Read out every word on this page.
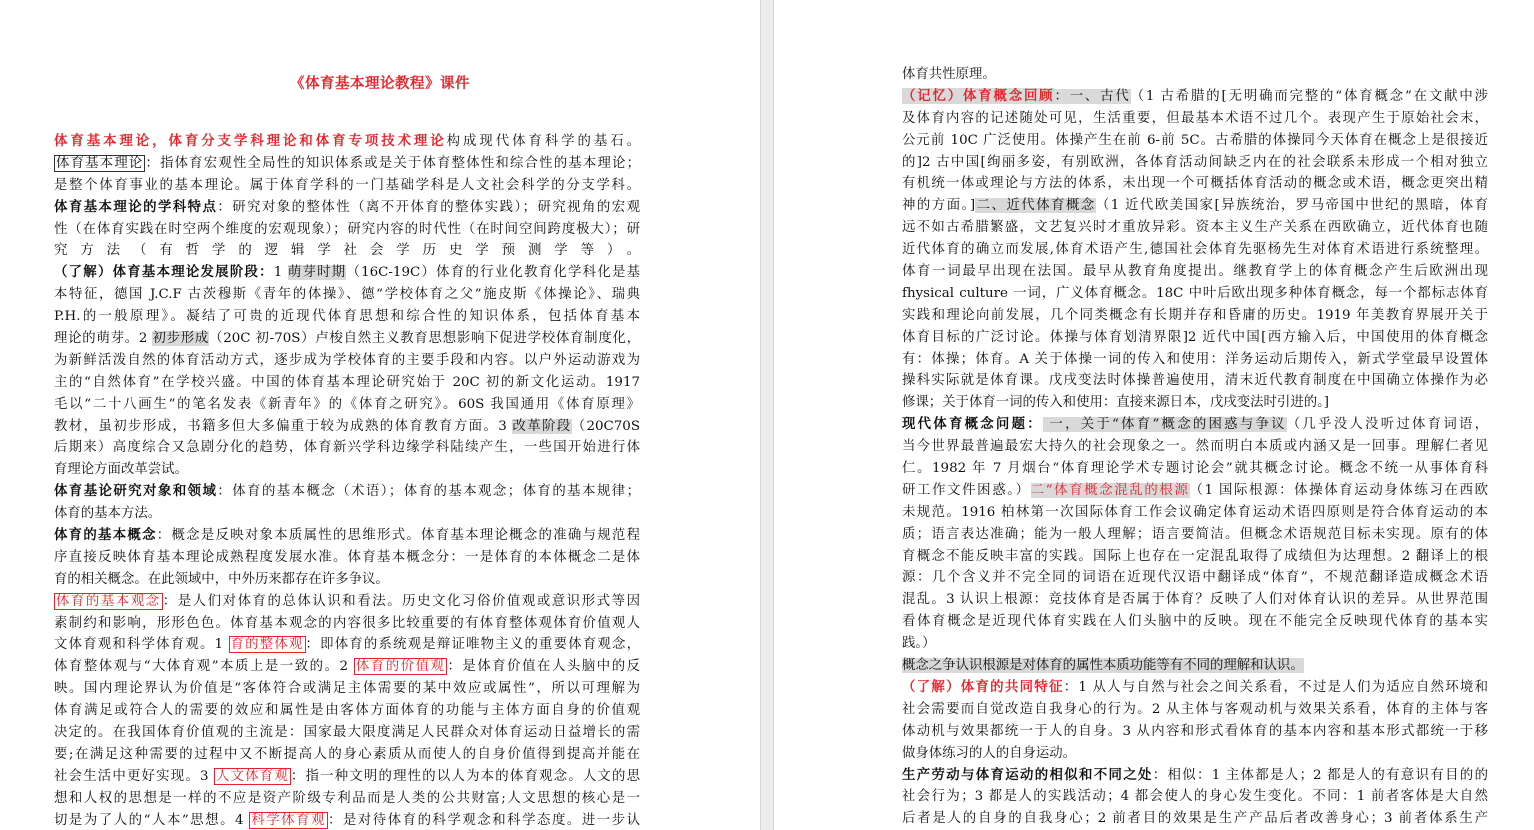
《体育基本理论教程》课件
体育基本理论，体育分支学科理论和体育专项技术理论构成现代体育科学的基石。
体育基本理论 ：指体育宏观性全局性的知识体系或是关于体育整体性和综合性的基本理论；
是整个体育事业的基本理论。属于体育学科的一门基础学科是人文社会科学的分支学科。
体育基本理论的学科特点：研究对象的整体性（离不开体育的整体实践）；研究视角的宏观
性（在体育实践在时空两个维度的宏观现象）；研究内容的时代性（在时间空间跨度极大）；研
究方法（有哲学的逻辑学社会学历史学预测学等）。
（了解）体育基本理论发展阶段：1 萌芽时期（16C-19C）体育的行业化教育化学科化是基
本特征，德国 J.C.F 古茨穆斯《青年的体操》、德“学校体育之父”施皮斯《体操论》、瑞典
P.H.的一般原理》。凝结了可贵的近现代体育思想和综合性的知识体系，包括体育基本
理论的萌芽。2 初步形成（20C 初-70S）卢梭自然主义教育思想影响下促进学校体育制度化，
为新鲜活泼自然的体育活动方式，逐步成为学校体育的主要手段和内容。以户外运动游戏为
主的“自然体育”在学校兴盛。中国的体育基本理论研究始于 20C 初的新文化运动。1917
毛以“二十八画生”的笔名发表《新青年》的《体育之研究》。60S 我国通用《体育原理》
教材，虽初步形成，书籍多但大多偏重于较为成熟的体育教育方面。3 改革阶段（20C70S
后期来）高度综合又急剧分化的趋势，体育新兴学科边缘学科陆续产生，一些国开始进行体
育理论方面改革尝试。
体育基论研究对象和领域：体育的基本概念（术语）；体育的基本观念；体育的基本规律；
体育的基本方法。
体育的基本概念：概念是反映对象本质属性的思维形式。体育基本理论概念的准确与规范程
序直接反映体育基本理论成熟程度发展水准。体育基本概念分：一是体育的本体概念二是体
育的相关概念。在此领域中，中外历来都存在许多争议。
体育的基本观念 ：是人们对体育的总体认识和看法。历史文化习俗价值观或意识形式等因
素制约和影响，形形色色。体育基本观念的内容很多比较重要的有体育整体观体育价值观人
文体育观和科学体育观。1 育的整体观 ：即体育的系统观是辩证唯物主义的重要体育观念，
体育整体观与“大体育观”本质上是一致的。2 体育的价值观 ：是体育价值在人头脑中的反
映。国内理论界认为价值是“客体符合或满足主体需要的某中效应或属性”，所以可理解为
体育满足或符合人的需要的效应和属性是由客体方面体育的功能与主体方面自身的价值观
决定的。在我国体育价值观的主流是：国家最大限度满足人民群众对体育运动日益增长的需
要;在满足这种需要的过程中又不断提高人的身心素质从而使人的自身价值得到提高并能在
社会生活中更好实现。3 人文体育观 ：指一种文明的理性的以人为本的体育观念。人文的思
想和人权的思想是一样的不应是资产阶级专利品而是人类的公共财富;人文思想的核心是一
切是为了人的“人本”思想。4 科学体育观 ：是对待体育的科学观念和科学态度。进一步认
体育共性原理。
（记忆）体育概念回顾：一、古代（1 古希腊的[无明确而完整的“体育概念”在文献中涉
及体育内容的记述随处可见，生活重要，但最基本术语不过几个。表现产生于原始社会末，
公元前 10C 广泛使用。体操产生在前 6-前 5C。古希腊的体操同今天体育在概念上是很接近
的]2 古中国[绚丽多姿，有别欧洲，各体育活动间缺乏内在的社会联系未形成一个相对独立
有机统一体或理论与方法的体系，未出现一个可概括体育活动的概念或术语，概念更突出精
神的方面。]二、近代体育概念（1 近代欧美国家[异族统治，罗马帝国中世纪的黑暗，体育
远不如古希腊繁盛，文艺复兴时才重放异彩。资本主义生产关系在西欧确立，近代体育也随
近代体育的确立而发展,体育术语产生,德国社会体育先驱杨先生对体育术语进行系统整理。
体育一词最早出现在法国。最早从教育角度提出。继教育学上的体育概念产生后欧洲出现
fhysical culture 一词，广义体育概念。18C 中叶后欧出现多种体育概念，每一个都标志体育
实践和理论向前发展，几个同类概念有长期并存和昏庸的历史。1919 年美教育界展开关于
体育目标的广泛讨论。体操与体育划清界限]2 近代中国[西方输入后，中国使用的体育概念
有：体操；体育。A 关于体操一词的传入和使用：洋务运动后期传入，新式学堂最早设置体
操科实际就是体育课。戊戌变法时体操普遍使用，清末近代教育制度在中国确立体操作为必
修课；关于体育一词的传入和使用：直接来源日本，戊戌变法时引进的。]
现代体育概念问题： 一，关于“体育”概念的困惑与争议（几乎没人没听过体育词语，
当今世界最普遍最宏大持久的社会现象之一。然而明白本质或内涵又是一回事。理解仁者见
仁。1982 年 7 月烟台“体育理论学术专题讨论会”就其概念讨论。概念不统一从事体育科
研工作文件困惑。）二“体育概念混乱的根源（1 国际根源：体操体育运动身体练习在西欧
未规范。1916 柏林第一次国际体育工作会议确定体育运动术语四原则是符合体育运动的本
质；语言表达准确；能为一般人理解；语言要简洁。但概念术语规范目标未实现。原有的体
育概念不能反映丰富的实践。国际上也存在一定混乱取得了成绩但为达理想。2 翻译上的根
源：几个含义并不完全同的词语在近现代汉语中翻译成“体育”，不规范翻译造成概念术语
混乱。3 认识上根源：竞技体育是否属于体育？反映了人们对体育认识的差异。从世界范围
看体育概念是近现代体育实践在人们头脑中的反映。现在不能完全反映现代体育的基本实
践。）
概念之争认识根源是对体育的属性本质功能等有不同的理解和认识。
（了解）体育的共同特征：1 从人与自然与社会之间关系看，不过是人们为适应自然环境和
社会需要而自觉改造自我身心的行为。2 从主体与客观动机与效果关系看，体育的主体与客
体动机与效果都统一于人的自身。3 从内容和形式看体育的基本内容和基本形式都统一于移
做身体练习的人的自身运动。
生产劳动与体育运动的相似和不同之处：相似：1 主体都是人；2 都是人的有意识有目的的
社会行为；3 都是人的实践活动；4 都会使人的身心发生变化。不同：1 前者客体是大自然
后者是人的自身的自我身心；2 前者目的效果是生产产品后者改善身心；3 前者体系生产
